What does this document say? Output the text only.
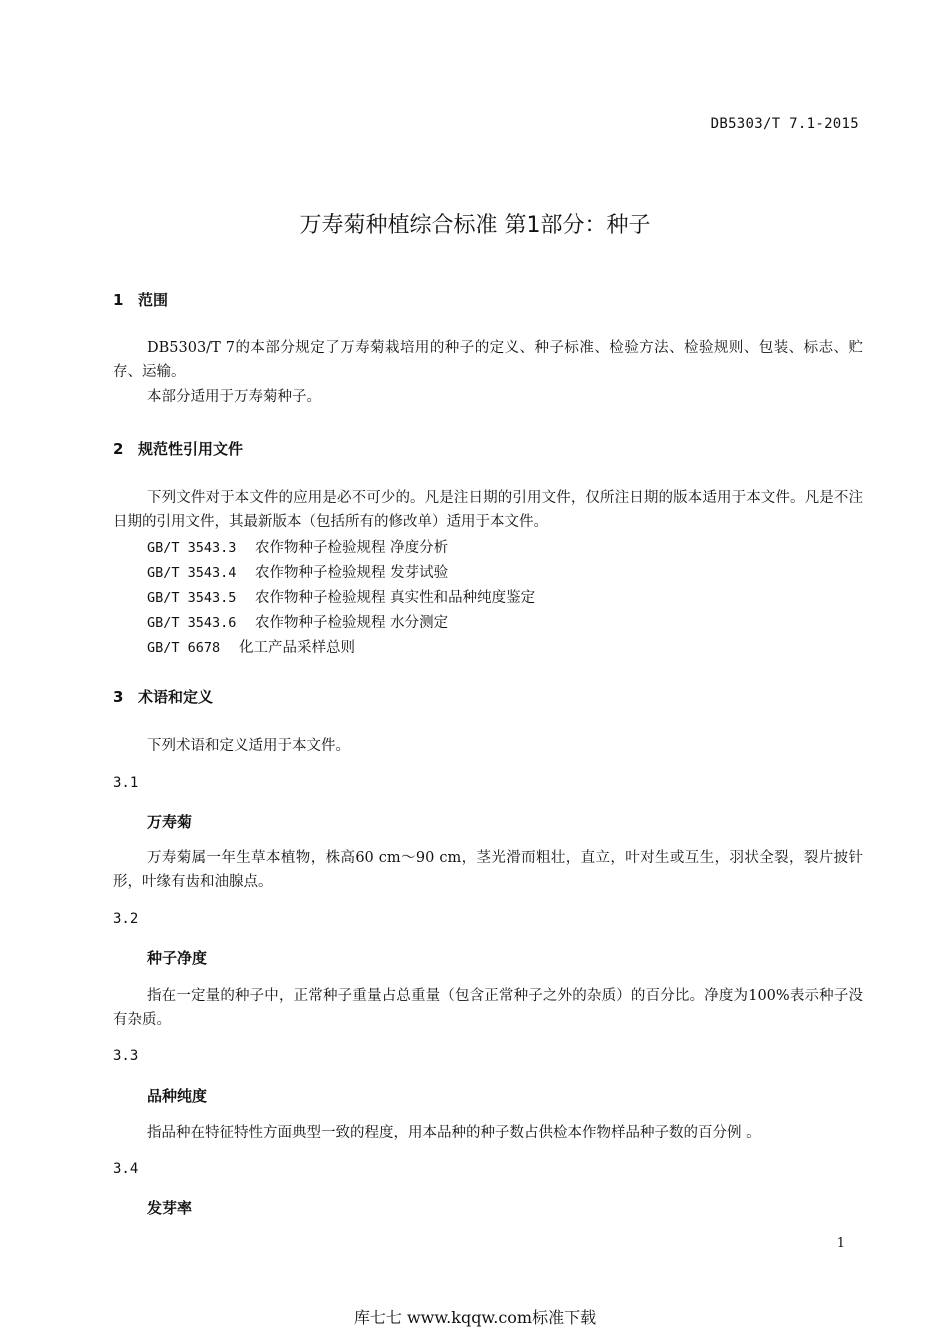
DB5303/T 7.1-2015
万寿菊种植综合标准 第1部分：种子
1 范围
DB5303/T 7的本部分规定了万寿菊栽培用的种子的定义、种子标准、检验方法、检验规则、包装、标志、贮存、运输。
本部分适用于万寿菊种子。
2 规范性引用文件
下列文件对于本文件的应用是必不可少的。凡是注日期的引用文件，仅所注日期的版本适用于本文件。凡是不注日期的引用文件，其最新版本（包括所有的修改单）适用于本文件。
GB/T 3543.3 农作物种子检验规程 净度分析
GB/T 3543.4 农作物种子检验规程 发芽试验
GB/T 3543.5 农作物种子检验规程 真实性和品种纯度鉴定
GB/T 3543.6 农作物种子检验规程 水分测定
GB/T 6678 化工产品采样总则
3 术语和定义
下列术语和定义适用于本文件。
3.1
万寿菊
万寿菊属一年生草本植物，株高60 cm～90 cm，茎光滑而粗壮，直立，叶对生或互生，羽状全裂，裂片披针形，叶缘有齿和油腺点。
3.2
种子净度
指在一定量的种子中，正常种子重量占总重量（包含正常种子之外的杂质）的百分比。净度为100%表示种子没有杂质。
3.3
品种纯度
指品种在特征特性方面典型一致的程度，用本品种的种子数占供检本作物样品种子数的百分例 。
3.4
发芽率
1
库七七 www.kqqw.com标准下载
